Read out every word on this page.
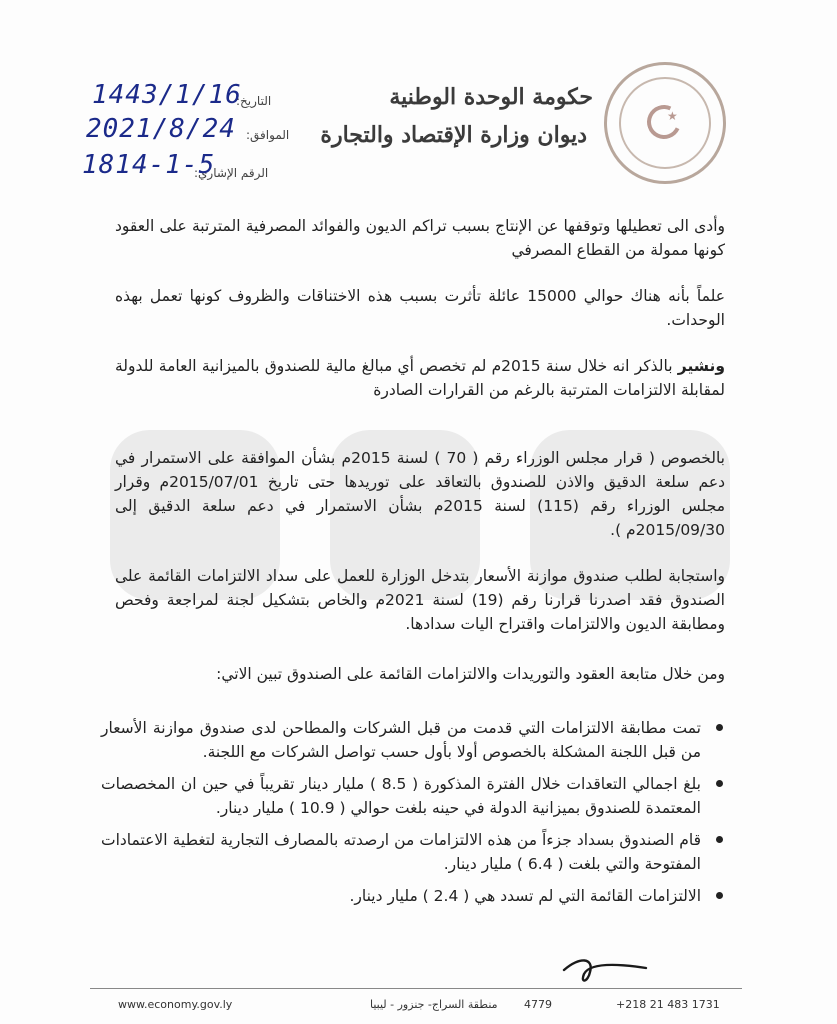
★
حكومة الوحدة الوطنية
ديوان وزارة الإقتصاد والتجارة
التاريخ:
1443/1/16
الموافق:
2021/8/24
الرقم الإشاري:
1814-1-5
وأدى الى تعطيلها وتوقفها عن الإنتاج بسبب تراكم الديون والفوائد المصرفية المترتبة على العقود كونها ممولة من القطاع المصرفي
علماً بأنه هناك حوالي 15000 عائلة تأثرت بسبب هذه الاختناقات والظروف كونها تعمل بهذه الوحدات.
ونشير بالذكر انه خلال سنة 2015م لم تخصص أي مبالغ مالية للصندوق بالميزانية العامة للدولة لمقابلة الالتزامات المترتبة بالرغم من القرارات الصادرة
بالخصوص ( قرار مجلس الوزراء رقم ( 70 ) لسنة 2015م بشأن الموافقة على الاستمرار في دعم سلعة الدقيق والاذن للصندوق بالتعاقد على توريدها حتى تاريخ 2015/07/01م وقرار مجلس الوزراء رقم (115) لسنة 2015م بشأن الاستمرار في دعم سلعة الدقيق إلى 2015/09/30م ).
واستجابة لطلب صندوق موازنة الأسعار بتدخل الوزارة للعمل على سداد الالتزامات القائمة على الصندوق فقد اصدرنا قرارنا رقم (19) لسنة 2021م والخاص بتشكيل لجنة لمراجعة وفحص ومطابقة الديون والالتزامات واقتراح اليات سدادها.
ومن خلال متابعة العقود والتوريدات والالتزامات القائمة على الصندوق تبين الاتي:
تمت مطابقة الالتزامات التي قدمت من قبل الشركات والمطاحن لدى صندوق موازنة الأسعار من قبل اللجنة المشكلة بالخصوص أولا بأول حسب تواصل الشركات مع اللجنة.
بلغ اجمالي التعاقدات خلال الفترة المذكورة ( 8.5 ) مليار دينار تقريباً في حين ان المخصصات المعتمدة للصندوق بميزانية الدولة في حينه بلغت حوالي ( 10.9 ) مليار دينار.
قام الصندوق بسداد جزءاً من هذه الالتزامات من ارصدته بالمصارف التجارية لتغطية الاعتمادات المفتوحة والتي بلغت ( 6.4 ) مليار دينار.
الالتزامات القائمة التي لم تسدد هي ( 2.4 ) مليار دينار.
www.economy.gov.ly	منطقة السراج- جنزور - ليبيا 4779	+218 21 483 1731
